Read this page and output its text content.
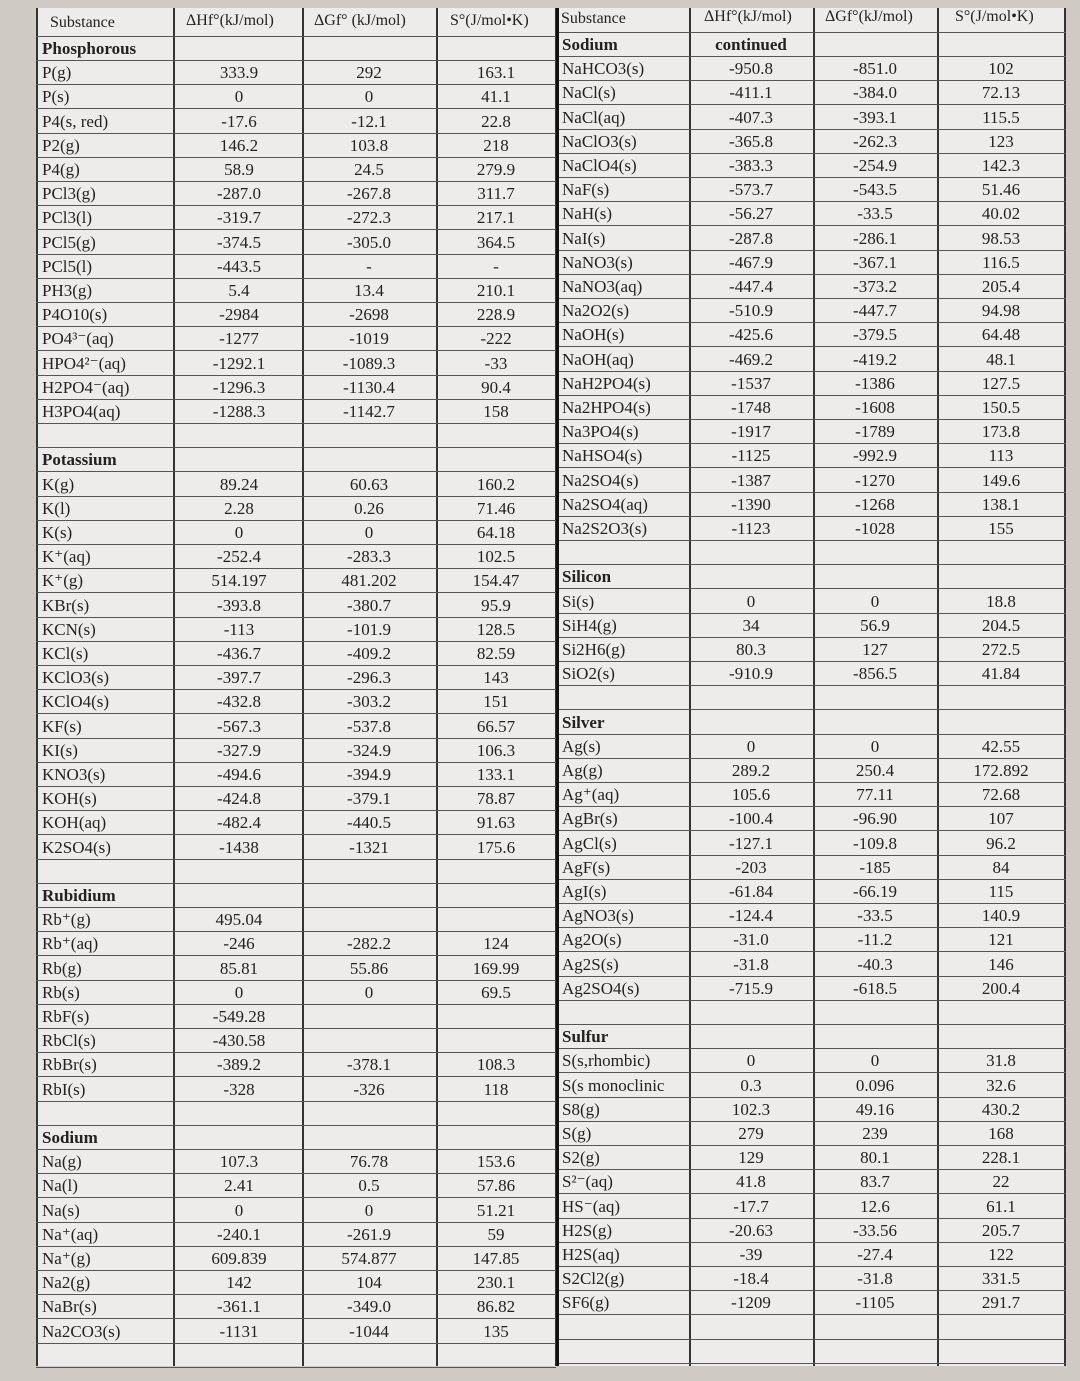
Substance	ΔHf°(kJ/mol)	ΔGf° (kJ/mol)	S°(J/mol•K)
Phosphorous
P(g)	333.9	292	163.1
P(s)	0	0	41.1
P4(s, red)	-17.6	-12.1	22.8
P2(g)	146.2	103.8	218
P4(g)	58.9	24.5	279.9
PCl3(g)	-287.0	-267.8	311.7
PCl3(l)	-319.7	-272.3	217.1
PCl5(g)	-374.5	-305.0	364.5
PCl5(l)	-443.5	-	-
PH3(g)	5.4	13.4	210.1
P4O10(s)	-2984	-2698	228.9
PO4³⁻(aq)	-1277	-1019	-222
HPO4²⁻(aq)	-1292.1	-1089.3	-33
H2PO4⁻(aq)	-1296.3	-1130.4	90.4
H3PO4(aq)	-1288.3	-1142.7	158
Potassium
K(g)	89.24	60.63	160.2
K(l)	2.28	0.26	71.46
K(s)	0	0	64.18
K⁺(aq)	-252.4	-283.3	102.5
K⁺(g)	514.197	481.202	154.47
KBr(s)	-393.8	-380.7	95.9
KCN(s)	-113	-101.9	128.5
KCl(s)	-436.7	-409.2	82.59
KClO3(s)	-397.7	-296.3	143
KClO4(s)	-432.8	-303.2	151
KF(s)	-567.3	-537.8	66.57
KI(s)	-327.9	-324.9	106.3
KNO3(s)	-494.6	-394.9	133.1
KOH(s)	-424.8	-379.1	78.87
KOH(aq)	-482.4	-440.5	91.63
K2SO4(s)	-1438	-1321	175.6
Rubidium
Rb⁺(g)	495.04
Rb⁺(aq)	-246	-282.2	124
Rb(g)	85.81	55.86	169.99
Rb(s)	0	0	69.5
RbF(s)	-549.28
RbCl(s)	-430.58
RbBr(s)	-389.2	-378.1	108.3
RbI(s)	-328	-326	118
Sodium
Na(g)	107.3	76.78	153.6
Na(l)	2.41	0.5	57.86
Na(s)	0	0	51.21
Na⁺(aq)	-240.1	-261.9	59
Na⁺(g)	609.839	574.877	147.85
Na2(g)	142	104	230.1
NaBr(s)	-361.1	-349.0	86.82
Na2CO3(s)	-1131	-1044	135
Substance	ΔHf°(kJ/mol) ΔGf°(kJ/mol)	S°(J/mol•K)
Sodium	continued
NaHCO3(s)	-950.8	-851.0	102
NaCl(s)	-411.1	-384.0	72.13
NaCl(aq)	-407.3	-393.1	115.5
NaClO3(s)	-365.8	-262.3	123
NaClO4(s)	-383.3	-254.9	142.3
NaF(s)	-573.7	-543.5	51.46
NaH(s)	-56.27	-33.5	40.02
NaI(s)	-287.8	-286.1	98.53
NaNO3(s)	-467.9	-367.1	116.5
NaNO3(aq)	-447.4	-373.2	205.4
Na2O2(s)	-510.9	-447.7	94.98
NaOH(s)	-425.6	-379.5	64.48
NaOH(aq)	-469.2	-419.2	48.1
NaH2PO4(s)	-1537	-1386	127.5
Na2HPO4(s)	-1748	-1608	150.5
Na3PO4(s)	-1917	-1789	173.8
NaHSO4(s)	-1125	-992.9	113
Na2SO4(s)	-1387	-1270	149.6
Na2SO4(aq)	-1390	-1268	138.1
Na2S2O3(s)	-1123	-1028	155
Silicon
Si(s)	0	0	18.8
SiH4(g)	34	56.9	204.5
Si2H6(g)	80.3	127	272.5
SiO2(s)	-910.9	-856.5	41.84
Silver
Ag(s)	0	0	42.55
Ag(g)	289.2	250.4	172.892
Ag⁺(aq)	105.6	77.11	72.68
AgBr(s)	-100.4	-96.90	107
AgCl(s)	-127.1	-109.8	96.2
AgF(s)	-203	-185	84
AgI(s)	-61.84	-66.19	115
AgNO3(s)	-124.4	-33.5	140.9
Ag2O(s)	-31.0	-11.2	121
Ag2S(s)	-31.8	-40.3	146
Ag2SO4(s)	-715.9	-618.5	200.4
Sulfur
S(s,rhombic)	0	0	31.8
S(s monoclinic	0.3	0.096	32.6
S8(g)	102.3	49.16	430.2
S(g)	279	239	168
S2(g)	129	80.1	228.1
S²⁻(aq)	41.8	83.7	22
HS⁻(aq)	-17.7	12.6	61.1
H2S(g)	-20.63	-33.56	205.7
H2S(aq)	-39	-27.4	122
S2Cl2(g)	-18.4	-31.8	331.5
SF6(g)	-1209	-1105	291.7
